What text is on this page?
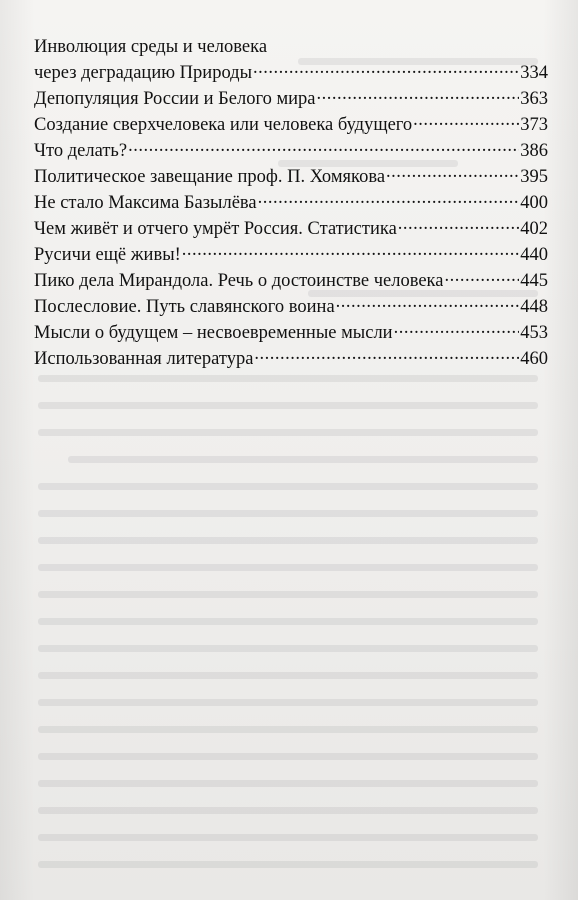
Инволюция среды и человека
через деградацию Природы .....	334
Депопуляция России и Белого мира .....	363
Создание сверхчеловека или человека будущего .....	373
Что делать? .....	386
Политическое завещание проф. П. Хомякова .....	395
Не стало Максима Базылёва .....	400
Чем живёт и отчего умрёт Россия. Статистика .....	402
Русичи ещё живы! .....	440
Пико дела Мирандола. Речь о достоинстве человека .....	445
Послесловие. Путь славянского воина .....	448
Мысли о будущем – несвоевременные мысли .....	453
Использованная литература .....	460
